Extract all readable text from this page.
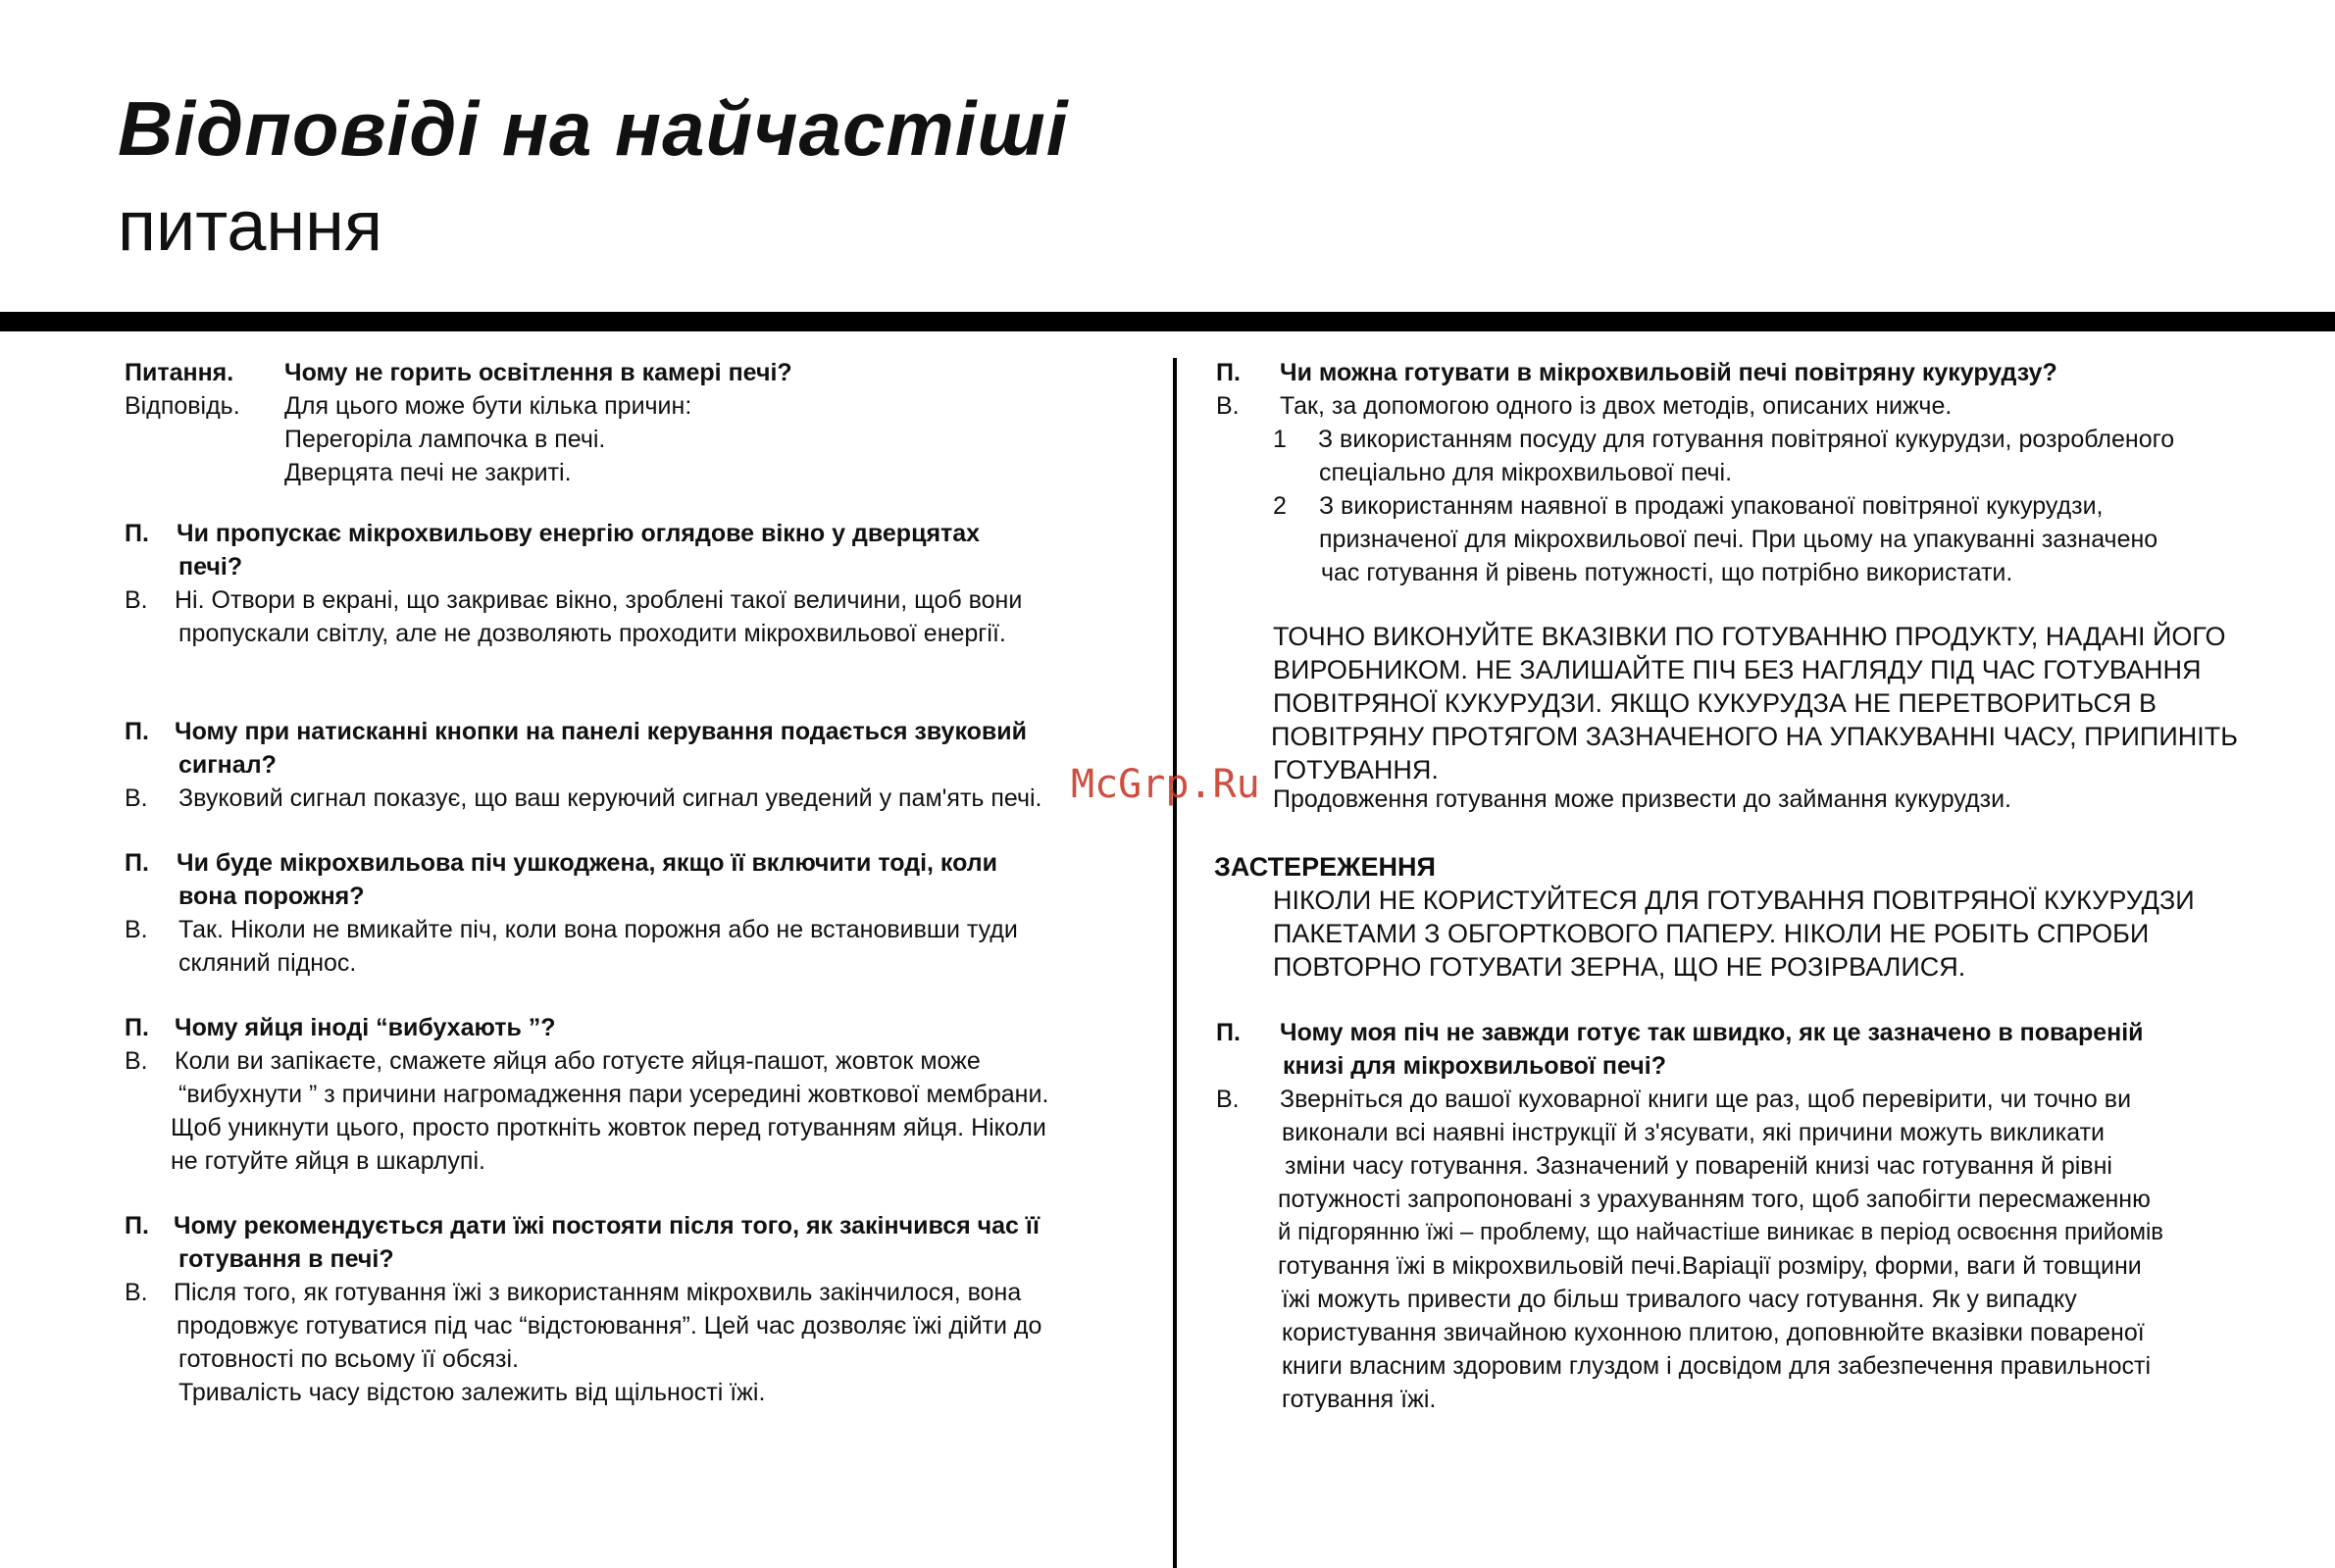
Відповіді на найчастіші
питання
Питання. Чому не горить освітлення в камері печі?
Відповідь. Для цього може бути кілька причин:
Перегоріла лампочка в печі.
Дверцята печі не закриті.
П. Чи пропускає мікрохвильову енергію оглядове вікно у дверцятах
печі?
В. Ні. Отвори в екрані, що закриває вікно, зроблені такої величини, щоб вони
пропускали світлу, але не дозволяють проходити мікрохвильової енергії.
П. Чому при натисканні кнопки на панелі керування подається звуковий
сигнал?
В. Звуковий сигнал показує, що ваш керуючий сигнал уведений у пам'ять печі.
П. Чи буде мікрохвильова піч ушкоджена, якщо її включити тоді, коли
вона порожня?
В. Так. Ніколи не вмикайте піч, коли вона порожня або не встановивши туди
скляний піднос.
П. Чому яйця іноді “вибухають ”?
В. Коли ви запікаєте, смажете яйця або готуєте яйця-пашот, жовток може
“вибухнути ” з причини нагромадження пари усередині жовткової мембрани.
Щоб уникнути цього, просто проткніть жовток перед готуванням яйця. Ніколи
не готуйте яйця в шкарлупі.
П. Чому рекомендується дати їжі постояти після того, як закінчився час її
готування в печі?
В. Після того, як готування їжі з використанням мікрохвиль закінчилося, вона
продовжує готуватися під час “відстоювання”. Цей час дозволяє їжі дійти до
готовності по всьому її обсязі.
Тривалість часу відстою залежить від щільності їжі.
П. Чи можна готувати в мікрохвильовій печі повітряну кукурудзу?
В. Так, за допомогою одного із двох методів, описаних нижче.
1 З використанням посуду для готування повітряної кукурудзи, розробленого
спеціально для мікрохвильової печі.
2 З використанням наявної в продажі упакованої повітряної кукурудзи,
призначеної для мікрохвильової печі. При цьому на упакуванні зазначено
час готування й рівень потужності, що потрібно використати.
ТОЧНО ВИКОНУЙТЕ ВКАЗІВКИ ПО ГОТУВАННЮ ПРОДУКТУ, НАДАНІ ЙОГО
ВИРОБНИКОМ. НЕ ЗАЛИШАЙТЕ ПІЧ БЕЗ НАГЛЯДУ ПІД ЧАС ГОТУВАННЯ
ПОВІТРЯНОЇ КУКУРУДЗИ. ЯКЩО КУКУРУДЗА НЕ ПЕРЕТВОРИТЬСЯ В
ПОВІТРЯНУ ПРОТЯГОМ ЗАЗНАЧЕНОГО НА УПАКУВАННІ ЧАСУ, ПРИПИНІТЬ
ГОТУВАННЯ.
Продовження готування може призвести до займання кукурудзи.
ЗАСТЕРЕЖЕННЯ
НІКОЛИ НЕ КОРИСТУЙТЕСЯ ДЛЯ ГОТУВАННЯ ПОВІТРЯНОЇ КУКУРУДЗИ
ПАКЕТАМИ З ОБГОРТКОВОГО ПАПЕРУ. НІКОЛИ НЕ РОБІТЬ СПРОБИ
ПОВТОРНО ГОТУВАТИ ЗЕРНА, ЩО НЕ РОЗІРВАЛИСЯ.
П. Чому моя піч не завжди готує так швидко, як це зазначено в повареній
книзі для мікрохвильової печі?
В. Зверніться до вашої куховарної книги ще раз, щоб перевірити, чи точно ви
виконали всі наявні інструкції й з'ясувати, які причини можуть викликати
зміни часу готування. Зазначений у повареній книзі час готування й рівні
потужності запропоновані з урахуванням того, щоб запобігти пересмаженню
й підгорянню їжі – проблему, що найчастіше виникає в період освоєння прийомів
готування їжі в мікрохвильовій печі.Варіації розміру, форми, ваги й товщини
їжі можуть привести до більш тривалого часу готування. Як у випадку
користування звичайною кухонною плитою, доповнюйте вказівки повареної
книги власним здоровим глуздом і досвідом для забезпечення правильності
готування їжі.
McGrp.Ru
